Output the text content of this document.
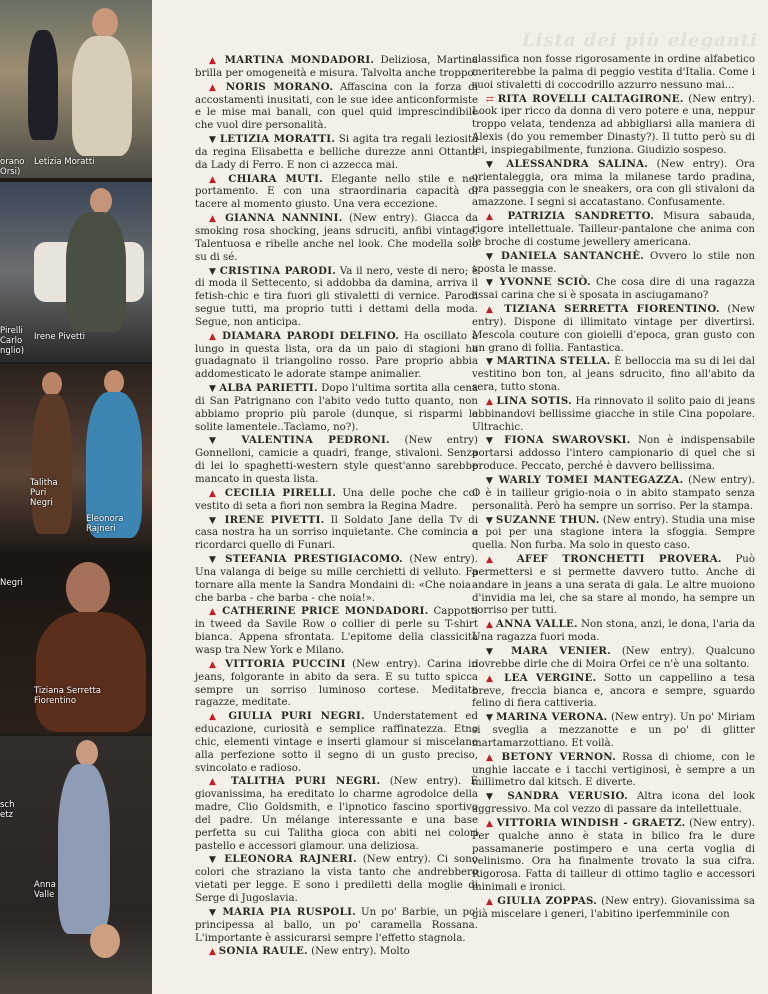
Letizia Moratti
orano
Orsi)
Irene Pivetti
Pirelli
Carlo
nglio)
Talitha
Puri
Negri
Eleonora
Rajneri
Negri
Tiziana Serretta
Fiorentino
sch
etz
Anna
Valle
Lista dei più eleganti

▲ MARTINA MONDADORI. Deliziosa, Martina brilla per omogeneità e misura. Talvolta anche troppo.

▲ NORIS MORANO. Affascina con la forza di accostamenti inusitati, con le sue idee anticonformiste e le mise mai banali, con quel quid imprescindibile che vuol dire personalità.

▼ LETIZIA MORATTI. Si agita tra regali leziosità da regina Elisabetta e belliche durezze anni Ottanta da Lady di Ferro. E non ci azzecca mai.

▲ CHIARA MUTI. Elegante nello stile e nel portamento. E con una straordinaria capacità di tacere al momento giusto. Una vera eccezione.

▲ GIANNA NANNINI. (New entry). Giacca da smoking rosa shocking, jeans sdruciti, anfibi vintage. Talentuosa e ribelle anche nel look. Che modella solo su di sé.

▼ CRISTINA PARODI. Va il nero, veste di nero; è di moda il Settecento, si addobba da damina, arriva il fetish-chic e tira fuori gli stivaletti di vernice. Parodi segue tutti, ma proprio tutti i dettami della moda. Segue, non anticipa.

▲ DIAMARA PARODI DELFINO. Ha oscillato a lungo in questa lista, ora da un paio di stagioni ha guadagnato il triangolino rosso. Pare proprio abbia addomesticato le adorate stampe animalier.

▼ ALBA PARIETTI. Dopo l'ultima sortita alla cena di San Patrignano con l'abito vedo tutto quanto, non abbiamo proprio più parole (dunque, si risparmi le solite lamentele..Tacìamo, no?).

▼ VALENTINA PEDRONI. (New entry) Gonnelloni, camicie a quadri, frange, stivaloni. Senza di lei lo spaghetti-western style quest'anno sarebbe mancato in questa lista.

▲ CECILIA PIRELLI. Una delle poche che col vestito di seta a fiori non sembra la Regina Madre.

▼ IRENE PIVETTI. Il Soldato Jane della Tv di casa nostra ha un sorriso inquietante. Che comincia a ricordarci quello di Funari.

▼ STEFANIA PRESTIGIACOMO. (New entry). Una valanga di beige su mille cerchietti di velluto. Fa tornare alla mente la Sandra Mondaini di: «Che noia - che barba - che barba - che noia!».

▲ CATHERINE PRICE MONDADORI. Cappotti in tweed da Savile Row o collier di perle su T-shirt bianca. Appena sfrontata. L'epitome della classicità wasp tra New York e Milano.

▲ VITTORIA PUCCINI (New entry). Carina in jeans, folgorante in abito da sera. E su tutto spicca sempre un sorriso luminoso cortese. Meditate ragazze, meditate.

▲ GIULIA PURI NEGRI. Understatement ed educazione, curiosità e semplice raffinatezza. Etno chic, elementi vintage e inserti glamour si miscelano alla perfezione sotto il segno di un gusto preciso, svincolato e radioso.

▲ TALITHA PURI NEGRI. (New entry). È giovanissima, ha ereditato lo charme agrodolce della madre, Clio Goldsmith, e l'ipnotico fascino sportivo del padre. Un mélange interessante e una base perfetta su cui Talitha gioca con abiti nei colori pastello e accessori glamour. una deliziosa.

▼ ELEONORA RAJNERI. (New entry). Ci sono colori che straziano la vista tanto che andrebbero vietati per legge. E sono i prediletti della moglie di Serge di Jugoslavia.

▼ MARIA PIA RUSPOLI. Un po' Barbie, un po' principessa al ballo, un po' caramella Rossana. L'importante è assicurarsi sempre l'effetto stagnola.

▲ SONIA RAULE. (New entry). Molto

classifica non fosse rigorosamente in ordine alfabetico meriterebbe la palma di peggio vestita d'Italia. Come i suoi stivaletti di coccodrillo azzurro nessuno mai...

⇄ RITA ROVELLI CALTAGIRONE. (New entry). Look iper ricco da donna di vero potere e una, neppur troppo velata, tendenza ad abbigliarsi alla maniera di Alexis (do you remember Dinasty?). Il tutto però su di lei, inspiegabilmente, funziona. Giudizio sospeso.

▼ ALESSANDRA SALINA. (New entry). Ora orientaleggia, ora mima la milanese tardo pradina, ora passeggia con le sneakers, ora con gli stivaloni da amazzone. I segni si accatastano. Confusamente.

▲ PATRIZIA SANDRETTO. Misura sabauda, rigore intellettuale. Tailleur-pantalone che anima con le broche di costume jewellery americana.

▼ DANIELA SANTANCHÈ. Ovvero lo stile non sposta le masse.

▼ YVONNE SCIÒ. Che cosa dire di una ragazza assai carina che si è sposata in asciugamano?

▲ TIZIANA SERRETTA FIORENTINO. (New entry). Dispone di illimitato vintage per divertirsi. Mescola couture con gioielli d'epoca, gran gusto con un grano di follia. Fantastica.

▼ MARTINA STELLA. È belloccia ma su di lei dal vestitino bon ton, al jeans sdrucito, fino all'abito da sera, tutto stona.

▲ LINA SOTIS. Ha rinnovato il solito paio di jeans abbinandovi bellissime giacche in stile Cina popolare. Ultrachic.

▼ FIONA SWAROVSKI. Non è indispensabile portarsi addosso l'intero campionario di quel che si produce. Peccato, perché è davvero bellissima.

▼ WARLY TOMEI MANTEGAZZA. (New entry). O è in tailleur grigio-noia o in abito stampato senza personalità. Però ha sempre un sorriso. Per la stampa.

▼ SUZANNE THUN. (New entry). Studia una mise e poi per una stagione intera la sfoggia. Sempre quella. Non furba. Ma solo in questo caso.

▲ AFEF TRONCHETTI PROVERA. Può permettersi e si permette davvero tutto. Anche di andare in jeans a una serata di gala. Le altre muoiono d'invidia ma lei, che sa stare al mondo, ha sempre un sorriso per tutti.

▲ ANNA VALLE. Non stona, anzi, le dona, l'aria da Una ragazza fuori moda.

▼ MARA VENIER. (New entry). Qualcuno dovrebbe dirle che di Moira Orfei ce n'è una soltanto.

▲ LEA VERGINE. Sotto un cappellino a tesa breve, freccia bianca e, ancora e sempre, sguardo felino di fiera cattiveria.

▼ MARINA VERONA. (New entry). Un po' Miriam si sveglia a mezzanotte e un po' di glitter martamarzottiano. Et voilà.

▲ BETONY VERNON. Rossa di chiome, con le unghie laccate e i tacchi vertiginosi, è sempre a un millimetro dal kitsch. E diverte.

▼ SANDRA VERUSIO. Altra icona del look aggressivo. Ma col vezzo di passare da intellettuale.

▲ VITTORIA WINDISH - GRAETZ. (New entry). Per qualche anno è stata in bilico fra le dure passamanerie postimpero e una certa voglia di velinismo. Ora ha finalmente trovato la sua cifra. Rigorosa. Fatta di tailleur di ottimo taglio e accessori minimali e ironici.

▲ GIULIA ZOPPAS. (New entry). Giovanissima sa già miscelare i generi, l'abitino iperfemminile con
